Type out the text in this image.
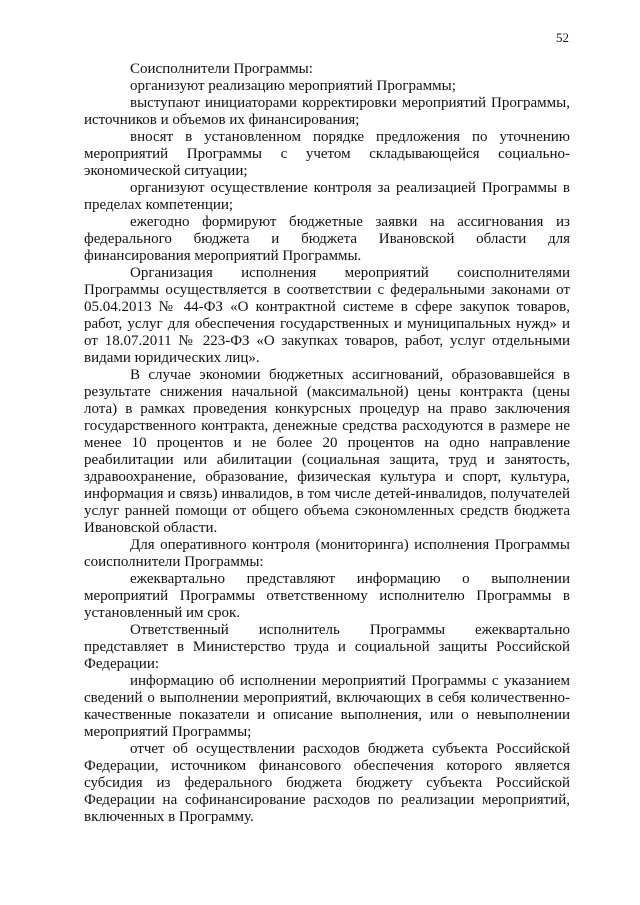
52

Соисполнители Программы:

организуют реализацию мероприятий Программы;

выступают инициаторами корректировки мероприятий Программы, источников и объемов их финансирования;

вносят в установленном порядке предложения по уточнению мероприятий Программы с учетом складывающейся социально-экономической ситуации;

организуют осуществление контроля за реализацией Программы в пределах компетенции;

ежегодно формируют бюджетные заявки на ассигнования из федерального бюджета и бюджета Ивановской области для финансирования мероприятий Программы.

Организация исполнения мероприятий соисполнителями Программы осуществляется в соответствии с федеральными законами от 05.04.2013 № 44-ФЗ «О контрактной системе в сфере закупок товаров, работ, услуг для обеспечения государственных и муниципальных нужд» и от 18.07.2011 № 223-ФЗ «О закупках товаров, работ, услуг отдельными видами юридических лиц».

В случае экономии бюджетных ассигнований, образовавшейся в результате снижения начальной (максимальной) цены контракта (цены лота) в рамках проведения конкурсных процедур на право заключения государственного контракта, денежные средства расходуются в размере не менее 10 процентов и не более 20 процентов на одно направление реабилитации или абилитации (социальная защита, труд и занятость, здравоохранение, образование, физическая культура и спорт, культура, информация и связь) инвалидов, в том числе детей-инвалидов, получателей услуг ранней помощи от общего объема сэкономленных средств бюджета Ивановской области.

Для оперативного контроля (мониторинга) исполнения Программы соисполнители Программы:

ежеквартально представляют информацию о выполнении мероприятий Программы ответственному исполнителю Программы в установленный им срок.

Ответственный исполнитель Программы ежеквартально представляет в Министерство труда и социальной защиты Российской Федерации:

информацию об исполнении мероприятий Программы с указанием сведений о выполнении мероприятий, включающих в себя количественно-качественные показатели и описание выполнения, или о невыполнении мероприятий Программы;

отчет об осуществлении расходов бюджета субъекта Российской Федерации, источником финансового обеспечения которого является субсидия из федерального бюджета бюджету субъекта Российской Федерации на софинансирование расходов по реализации мероприятий, включенных в Программу.
